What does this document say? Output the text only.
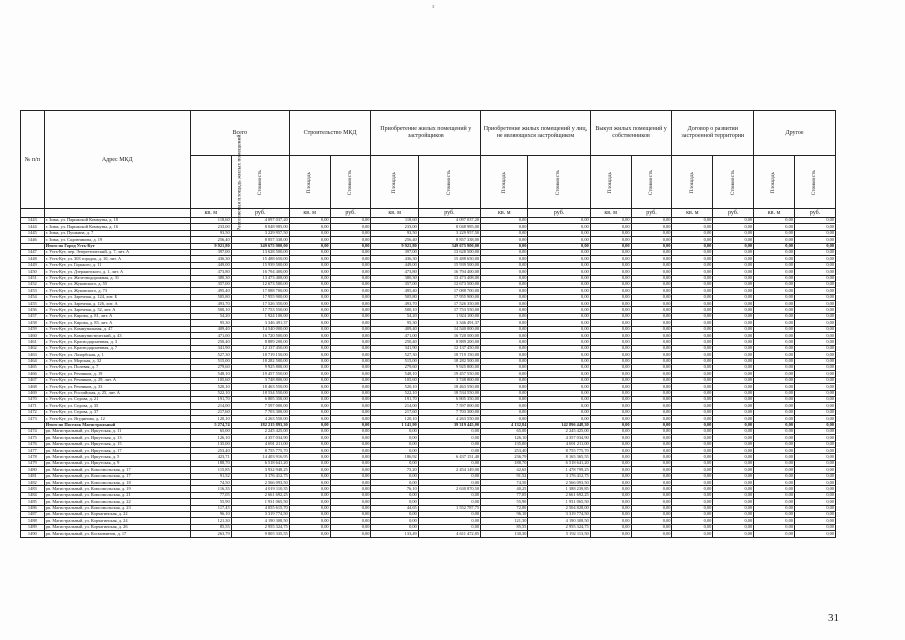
з
№ п/п	Адрес МКД	Всего		Строительство МКД		Приобретение жилых помещений у застройщиков		Приобретение жилых помещений у лиц, не являющихся застройщиком		Выкуп жилых помещений у собственников		Договор о развитии застроенной территории		Другое	
		Расселяемая площадь жилых помещений	Стоимость	Площадь	Стоимость	Площадь	Стоимость	Площадь	Стоимость	Площадь	Стоимость	Площадь	Стоимость	Площадь	Стоимость
		кв. м	руб.	кв. м	руб.	кв. м	руб.	кв. м	руб.	кв. м	руб.	кв. м	руб.	кв. м	руб.
1443	г. Зима, ул. Парижской Коммуны, д. 18	118,60	4 097 037,20	0,00	0,00	118,60	4 097 037,20	0,00	0,00	0,00	0,00	0,00	0,00	0,00	0,00
1444	г. Зима, ул. Парижской Коммуны, д. 16	233,00	8 048 985,00	0,00	0,00	233,00	8 048 985,00	0,00	0,00	0,00	0,00	0,00	0,00	0,00	0,00
1445	г. Зима, ул. Пушкина, д. 7	93,50	3 229 957,50	0,00	0,00	93,50	3 229 957,50	0,00	0,00	0,00	0,00	0,00	0,00	0,00	0,00
1446	г. Зима, ул. Садовникова, д. 19	256,40	8 857 338,00	0,00	0,00	256,40	8 857 338,00	0,00	0,00	0,00	0,00	0,00	0,00	0,00	0,00
	Итого по Город Усть-Кут	9 921,80	349 675 900,00	0,00	0,00	9 921,80	349 675 900,00	0,00	0,00	0,00	0,00	0,00	0,00	0,00	0,00
1447	г. Усть-Кут, пер. Энергетический, д. 7, лит. А	397,00	13 628 500,00	0,00	0,00	397,00	13 628 500,00	0,00	0,00	0,00	0,00	0,00	0,00	0,00	0,00
1448	г. Усть-Кут, ул. 303 городок, д. 10, лит. А	436,30	15 488 650,00	0,00	0,00	436,30	15 488 650,00	0,00	0,00	0,00	0,00	0,00	0,00	0,00	0,00
1449	г. Усть-Кут, ул. Горького, д. 11	449,00	15 939 500,00	0,00	0,00	449,00	15 939 500,00	0,00	0,00	0,00	0,00	0,00	0,00	0,00	0,00
1450	г. Усть-Кут, ул. Дзержинского, д. 1, лит. А	473,80	16 794 400,00	0,00	0,00	473,80	16 794 400,00	0,00	0,00	0,00	0,00	0,00	0,00	0,00	0,00
1451	г. Усть-Кут, ул. Железнодорожная, д. 31	380,30	13 473 408,00	0,00	0,00	380,30	13 473 408,00	0,00	0,00	0,00	0,00	0,00	0,00	0,00	0,00
1452	г. Усть-Кут, ул. Жуковского, д. 55	357,00	12 673 500,00	0,00	0,00	357,00	12 673 500,00	0,00	0,00	0,00	0,00	0,00	0,00	0,00	0,00
1453	г. Усть-Кут, ул. Жуковского, д. 73	495,40	17 088 700,00	0,00	0,00	495,40	17 088 700,00	0,00	0,00	0,00	0,00	0,00	0,00	0,00	0,00
1454	г. Усть-Кут, ул. Заречная, д. 124, лит. Б	505,80	17 955 900,00	0,00	0,00	505,80	17 955 900,00	0,00	0,00	0,00	0,00	0,00	0,00	0,00	0,00
1455	г. Усть-Кут, ул. Заречная, д. 126, лит. А	493,70	17 526 350,00	0,00	0,00	493,70	17 526 350,00	0,00	0,00	0,00	0,00	0,00	0,00	0,00	0,00
1456	г. Усть-Кут, ул. Заречная, д. 52, лит. А	500,10	17 753 550,00	0,00	0,00	500,10	17 753 550,00	0,00	0,00	0,00	0,00	0,00	0,00	0,00	0,00
1457	г. Усть-Кут, ул. Кирова, д. 81, лит. А	54,20	1 924 100,00	0,00	0,00	54,20	1 924 100,00	0,00	0,00	0,00	0,00	0,00	0,00	0,00	0,00
1458	г. Усть-Кут, ул. Кирова, д. 85, лит. А	95,30	3 346 491,37	0,00	0,00	95,30	3 346 491,37	0,00	0,00	0,00	0,00	0,00	0,00	0,00	0,00
1459	г. Усть-Кут, ул. Коммунальная, д. 47	409,40	14 540 000,00	0,00	0,00	409,40	14 540 000,00	0,00	0,00	0,00	0,00	0,00	0,00	0,00	0,00
1460	г. Усть-Кут, ул. Коммунистический, д. 43	471,00	16 720 500,00	0,00	0,00	471,00	16 720 500,00	0,00	0,00	0,00	0,00	0,00	0,00	0,00	0,00
1461	г. Усть-Кут, ул. Краснодарлаевная, д. 3	250,40	8 889 200,00	0,00	0,00	250,40	8 889 200,00	0,00	0,00	0,00	0,00	0,00	0,00	0,00	0,00
1462	г. Усть-Кут, ул. Краснодарлаевная, д. 7	341,90	12 137 450,00	0,00	0,00	341,90	12 137 450,00	0,00	0,00	0,00	0,00	0,00	0,00	0,00	0,00
1463	г. Усть-Кут, ул. Лазарбская, д. 1	527,30	18 719 150,00	0,00	0,00	527,30	18 719 150,00	0,00	0,00	0,00	0,00	0,00	0,00	0,00	0,00
1464	г. Усть-Кут, ул. Морская, д. 32	515,00	18 282 500,00	0,00	0,00	515,00	18 282 500,00	0,00	0,00	0,00	0,00	0,00	0,00	0,00	0,00
1465	г. Усть-Кут, ул. Полевая, д. 7	279,60	9 925 800,00	0,00	0,00	279,60	9 925 800,00	0,00	0,00	0,00	0,00	0,00	0,00	0,00	0,00
1466	г. Усть-Кут, ул. Речников, д. 19	548,10	19 457 550,00	0,00	0,00	548,10	19 457 550,00	0,00	0,00	0,00	0,00	0,00	0,00	0,00	0,00
1467	г. Усть-Кут, ул. Речников, д. 29, лит. А	105,60	3 748 800,00	0,00	0,00	105,60	3 748 800,00	0,00	0,00	0,00	0,00	0,00	0,00	0,00	0,00
1468	г. Усть-Кут, ул. Речников, д. 33	520,10	18 463 550,00	0,00	0,00	520,10	18 463 550,00	0,00	0,00	0,00	0,00	0,00	0,00	0,00	0,00
1469	г. Усть-Кут, ул. Российская, д. 25, лит. А	522,10	18 534 550,00	0,00	0,00	522,10	18 534 550,00	0,00	0,00	0,00	0,00	0,00	0,00	0,00	0,00
1470	г. Усть-Кут, ул. Седова, д. 21	191,70	6 805 350,00	0,00	0,00	191,70	6 805 350,00	0,00	0,00	0,00	0,00	0,00	0,00	0,00	0,00
1471	г. Усть-Кут, ул. Седова, д. 35	214,00	7 597 000,00	0,00	0,00	214,00	7 597 000,00	0,00	0,00	0,00	0,00	0,00	0,00	0,00	0,00
1472	г. Усть-Кут, ул. Седова, д. 37	217,60	7 703 300,00	0,00	0,00	217,60	7 703 300,00	0,00	0,00	0,00	0,00	0,00	0,00	0,00	0,00
1473	г. Усть-Кут, ул. Ягудинова, д. 12	120,10	4 263 550,00	0,00	0,00	120,10	4 263 550,00	0,00	0,00	0,00	0,00	0,00	0,00	0,00	0,00
	Итого по Поселок Магистральный	5 274,74	182 215 893,30	0,00	0,00	1 141,90	39 319 445,00	4 132,84	142 896 448,30	0,00	0,00	0,00	0,00	0,00	0,00
1474	рп. Магистральный, ул. Иркутская, д. 11	65,00	2 245 425,00	0,00	0,00	0,00	0,00	65,00	2 245 425,00	0,00	0,00	0,00	0,00	0,00	0,00
1475	рп. Магистральный, ул. Иркутская, д. 13	126,10	4 357 034,90	0,00	0,00	0,00	0,00	126,10	4 357 034,90	0,00	0,00	0,00	0,00	0,00	0,00
1476	рп. Магистральный, ул. Иркутская, д. 15	135,00	4 691 211,00	0,00	0,00	0,00	0,00	135,00	4 691 211,00	0,00	0,00	0,00	0,00	0,00	0,00
1477	рп. Магистральный, ул. Иркутская, д. 17	253,40	8 755 775,70	0,00	0,00	0,00	0,00	253,40	8 755 775,70	0,00	0,00	0,00	0,00	0,00	0,00
1478	рп. Магистральный, ул. Иркутская, д. 5	423,71	14 403 916,95	0,00	0,00	186,92	6 437 151,40	236,79	8 165 365,55	0,00	0,00	0,00	0,00	0,00	0,00
1479	рп. Магистральный, ул. Иркутская, д. 9	188,70	6 518 641,20	0,00	0,00	0,00	0,00	188,70	6 518 641,20	0,00	0,00	0,00	0,00	0,00	0,00
1480	рп. Магистральный, ул. Комсомольская, д. 17	115,85	3 932 948,25	0,00	0,00	73,20	2 454 149,00	42,65	1 478 799,25	0,00	0,00	0,00	0,00	0,00	0,00
1481	рп. Магистральный, ул. Комсомольская, д. 17	91,52	3 176 412,75	0,00	0,00	0,00	0,00	91,52	3 176 412,75	0,00	0,00	0,00	0,00	0,00	0,00
1482	рп. Магистральный, ул. Комсомольская, д. 18	74,50	2 566 093,50	0,00	0,00	0,00	0,00	74,50	2 566 093,50	0,00	0,00	0,00	0,00	0,00	0,00
1483	рп. Магистральный, ул. Комсомольская, д. 19	116,35	4 019 110,35	0,00	0,00	76,10	2 630 870,50	40,25	1 388 239,85	0,00	0,00	0,00	0,00	0,00	0,00
1484	рп. Магистральный, ул. Комсомольская, д. 21	77,05	2 661 692,25	0,00	0,00	0,00	0,00	77,05	2 661 692,25	0,00	0,00	0,00	0,00	0,00	0,00
1485	рп. Магистральный, ул. Комсомольская, д. 22	55,90	1 931 065,50	0,00	0,00	0,00	0,00	55,90	1 931 065,50	0,00	0,00	0,00	0,00	0,00	0,00
1486	рп. Магистральный, ул. Комсомольская, д. 23	117,45	4 055 615,70	0,00	0,00	44,65	1 552 787,75	72,80	2 504 828,00	0,00	0,00	0,00	0,00	0,00	0,00
1487	рп. Магистральный, ул. Корчагинская, д. 22	96,10	3 319 774,50	0,00	0,00	0,00	0,00	96,10	3 319 774,50	0,00	0,00	0,00	0,00	0,00	0,00
1488	рп. Магистральный, ул. Корчагинская, д. 24	121,30	4 190 308,50	0,00	0,00	0,00	0,00	121,30	4 190 308,50	0,00	0,00	0,00	0,00	0,00	0,00
1489	рп. Магистральный, ул. Корчагинская, д. 26	85,55	2 955 324,75	0,00	0,00	0,00	0,00	85,55	2 955 324,75	0,00	0,00	0,00	0,00	0,00	0,00
1490	рп. Магистральный, ул. Космонавтов, д. 17	263,79	9 805 335,55	0,00	0,00	133,49	4 611 472,05	130,30	5 192 113,50	0,00	0,00	0,00	0,00	0,00	0,00
31
